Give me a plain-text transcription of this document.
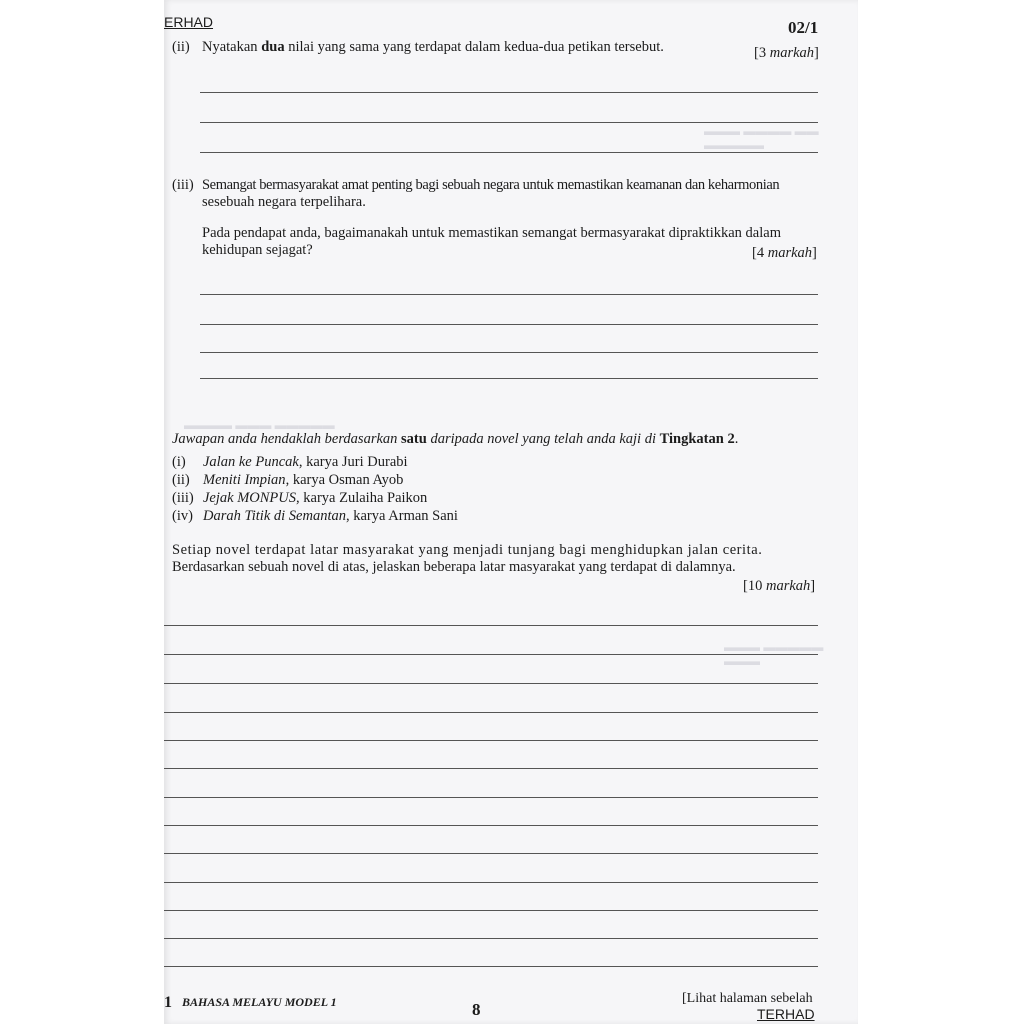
▬▬▬ ▬▬▬▬ ▬▬ ▬▬▬▬▬
▬▬▬▬ ▬▬▬ ▬▬▬▬▬
▬▬▬ ▬▬▬▬▬ ▬▬▬
ERHAD	02/1
(ii) Nyatakan dua nilai yang sama yang terdapat dalam kedua-dua petikan tersebut.	[3 markah]
(iii) Semangat bermasyarakat amat penting bagi sebuah negara untuk memastikan keamanan dan keharmonian
sesebuah negara terpelihara.
Pada pendapat anda, bagaimanakah untuk memastikan semangat bermasyarakat dipraktikkan dalam
kehidupan sejagat?	[4 markah]
Jawapan anda hendaklah berdasarkan satu daripada novel yang telah anda kaji di Tingkatan 2.
(i) Jalan ke Puncak, karya Juri Durabi
(ii) Meniti Impian, karya Osman Ayob
(iii) Jejak MONPUS, karya Zulaiha Paikon
(iv) Darah Titik di Semantan, karya Arman Sani
Setiap novel terdapat latar masyarakat yang menjadi tunjang bagi menghidupkan jalan cerita.
Berdasarkan sebuah novel di atas, jelaskan beberapa latar masyarakat yang terdapat di dalamnya.
[10 markah]
1 BAHASA MELAYU MODEL 1	8
[Lihat halaman sebelah
TERHAD
